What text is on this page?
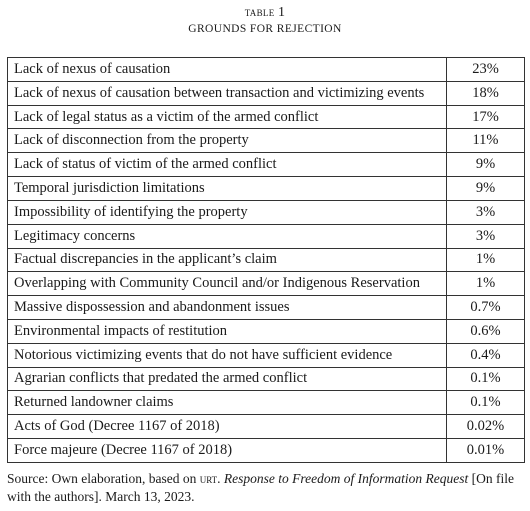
table 1
GROUNDS FOR REJECTION
Lack of nexus of causation	23%
Lack of nexus of causation between transaction and victimizing events	18%
Lack of legal status as a victim of the armed conflict	17%
Lack of disconnection from the property	11%
Lack of status of victim of the armed conflict	9%
Temporal jurisdiction limitations	9%
Impossibility of identifying the property	3%
Legitimacy concerns	3%
Factual discrepancies in the applicant’s claim	1%
Overlapping with Community Council and/or Indigenous Reservation	1%
Massive dispossession and abandonment issues	0.7%
Environmental impacts of restitution	0.6%
Notorious victimizing events that do not have sufficient evidence	0.4%
Agrarian conflicts that predated the armed conflict	0.1%
Returned landowner claims	0.1%
Acts of God (Decree 1167 of 2018)	0.02%
Force majeure (Decree 1167 of 2018)	0.01%
Source: Own elaboration, based on urt. Response to Freedom of Information Request [On file with the authors]. March 13, 2023.
